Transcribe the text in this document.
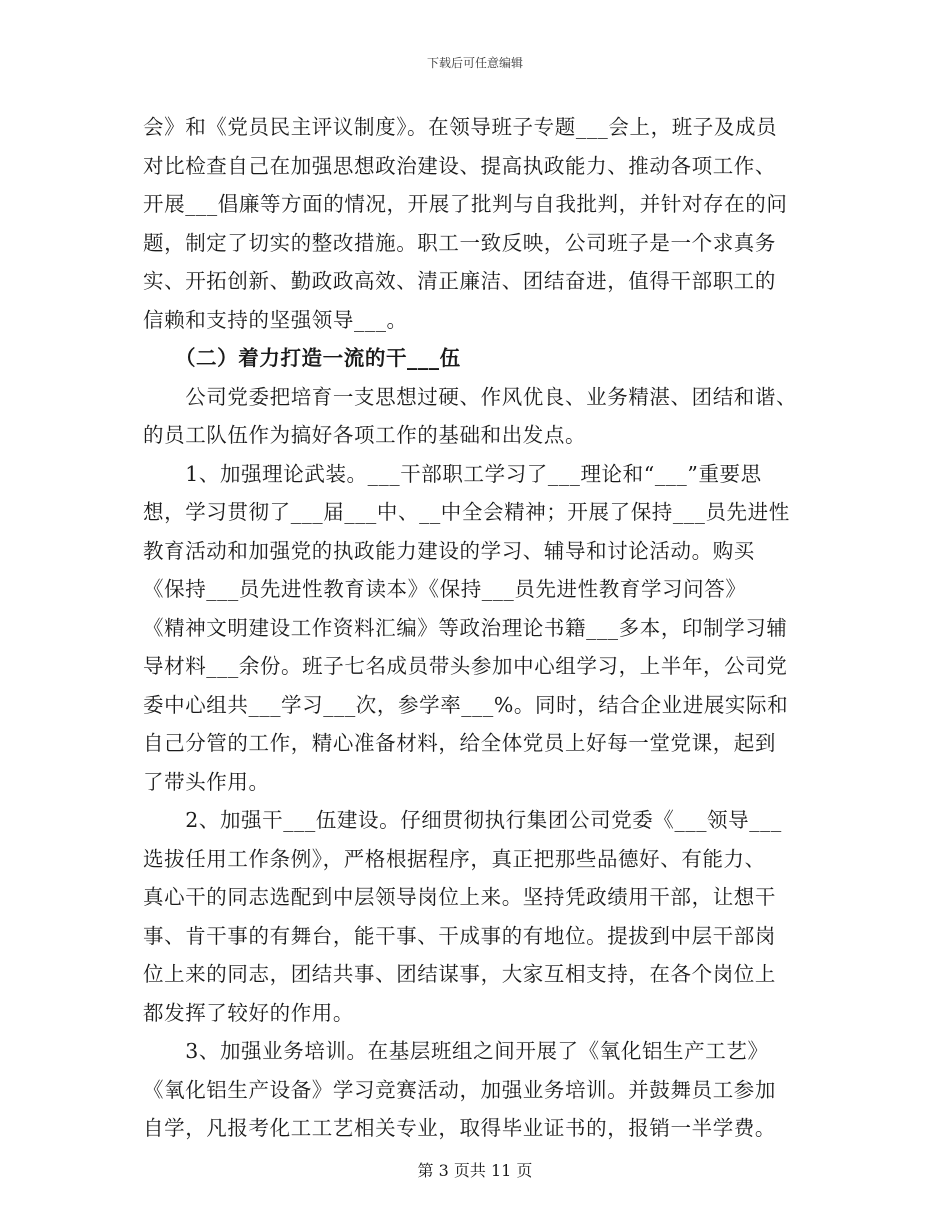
下载后可任意编辑
会》和《党员民主评议制度》。在领导班子专题___会上，班子及成员
对比检查自己在加强思想政治建设、提高执政能力、推动各项工作、
开展___倡廉等方面的情况，开展了批判与自我批判，并针对存在的问
题，制定了切实的整改措施。职工一致反映，公司班子是一个求真务
实、开拓创新、勤政政高效、清正廉洁、团结奋进，值得干部职工的
信赖和支持的坚强领导___。
　　（二）着力打造一流的干___伍
　　公司党委把培育一支思想过硬、作风优良、业务精湛、团结和谐、
的员工队伍作为搞好各项工作的基础和出发点。
　　1、加强理论武装。___干部职工学习了___理论和“___”重要思
想，学习贯彻了___届___中、__中全会精神；开展了保持___员先进性
教育活动和加强党的执政能力建设的学习、辅导和讨论活动。购买
《保持___员先进性教育读本》《保持___员先进性教育学习问答》
《精神文明建设工作资料汇编》等政治理论书籍___多本，印制学习辅
导材料___余份。班子七名成员带头参加中心组学习，上半年，公司党
委中心组共___学习___次，参学率___%。同时，结合企业进展实际和
自己分管的工作，精心准备材料，给全体党员上好每一堂党课，起到
了带头作用。
　　2、加强干___伍建设。仔细贯彻执行集团公司党委《___领导___
选拔任用工作条例》，严格根据程序，真正把那些品德好、有能力、
真心干的同志选配到中层领导岗位上来。坚持凭政绩用干部，让想干
事、肯干事的有舞台，能干事、干成事的有地位。提拔到中层干部岗
位上来的同志，团结共事、团结谋事，大家互相支持，在各个岗位上
都发挥了较好的作用。
　　3、加强业务培训。在基层班组之间开展了《氧化铝生产工艺》
《氧化铝生产设备》学习竞赛活动，加强业务培训。并鼓舞员工参加
自学，凡报考化工工艺相关专业，取得毕业证书的，报销一半学费。
第 3 页共 11 页
